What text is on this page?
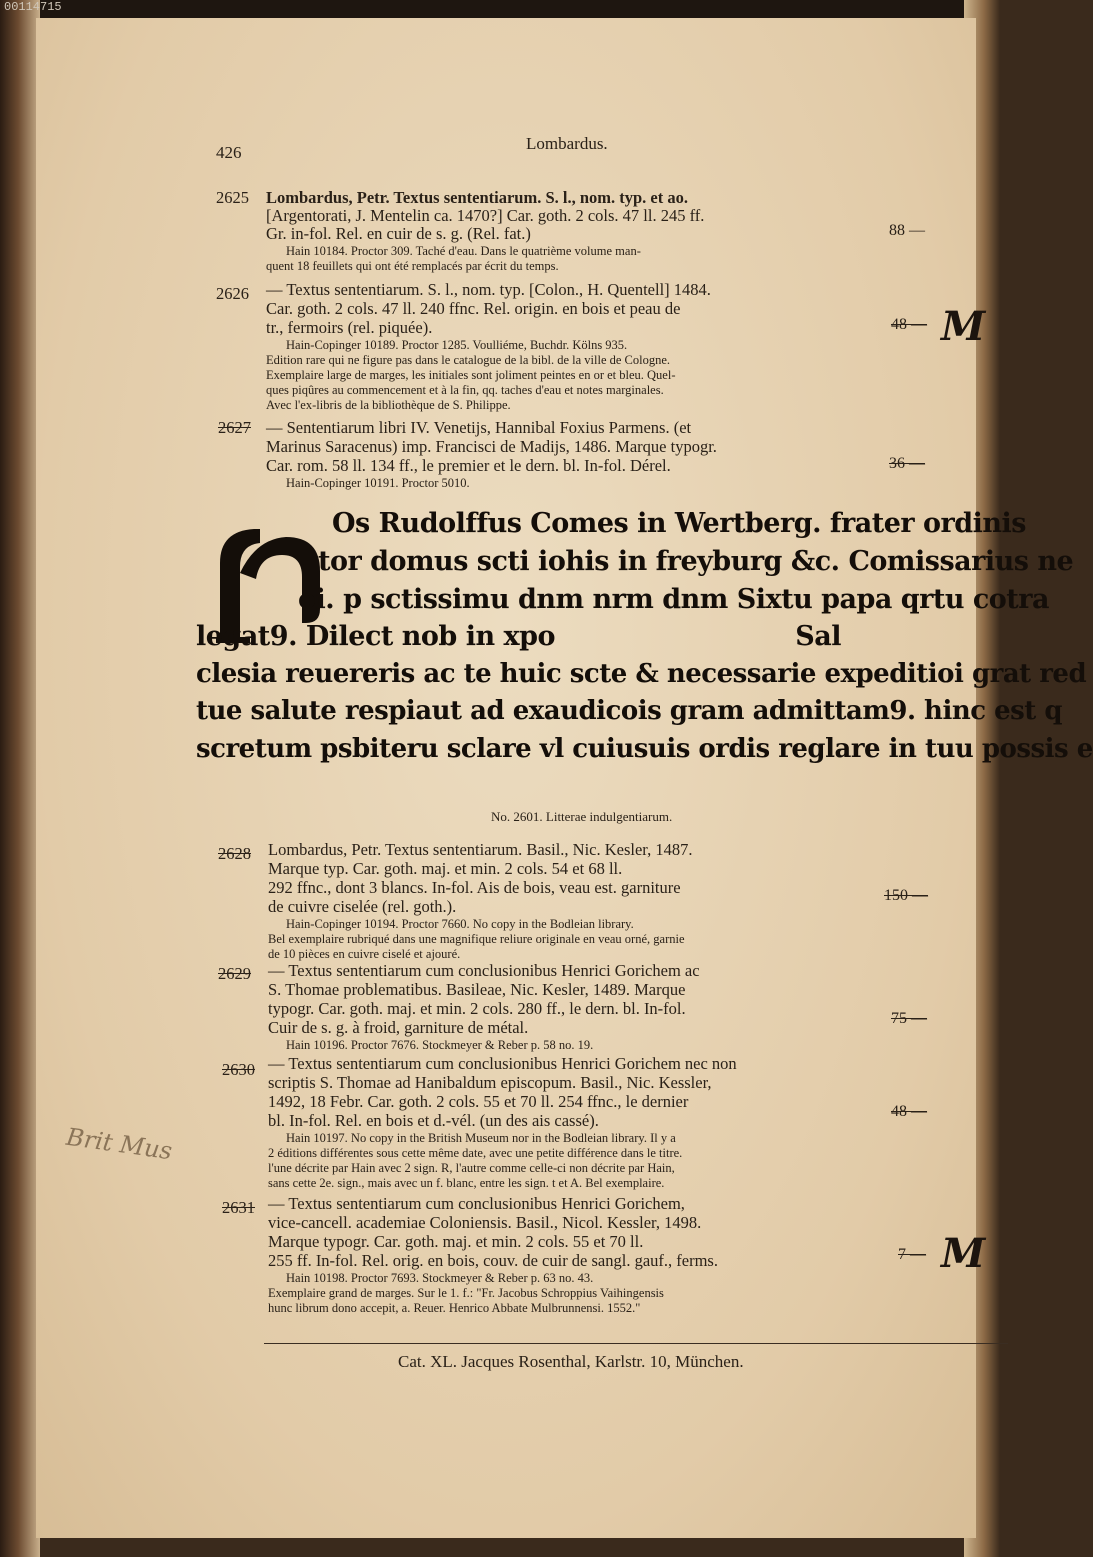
00114715
426	Lombardus.
2625 Lombardus, Petr. Textus sententiarum. S. l., nom. typ. et ao.
[Argentorati, J. Mentelin ca. 1470?] Car. goth. 2 cols. 47 ll. 245 ff.
Gr. in-fol. Rel. en cuir de s. g. (Rel. fat.)
Hain 10184. Proctor 309. Taché d'eau. Dans le quatrième volume man-
quent 18 feuillets qui ont été remplacés par écrit du temps.
88 —
2626 — Textus sententiarum. S. l., nom. typ. [Colon., H. Quentell] 1484.
Car. goth. 2 cols. 47 ll. 240 ffnc. Rel. origin. en bois et peau de
tr., fermoirs (rel. piquée).
Hain-Copinger 10189. Proctor 1285. Voulliéme, Buchdr. Kölns 935.
Edition rare qui ne figure pas dans le catalogue de la bibl. de la ville de Cologne.
Exemplaire large de marges, les initiales sont joliment peintes en or et bleu. Quel-
ques piqûres au commencement et à la fin, qq. taches d'eau et notes marginales.
Avec l'ex-libris de la bibliothèque de S. Philippe.
48 — M
2627 — Sententiarum libri IV. Venetijs, Hannibal Foxius Parmens. (et
Marinus Saracenus) imp. Francisci de Madijs, 1486. Marque typogr.
Car. rom. 58 ll. 134 ff., le premier et le dern. bl. In-fol. Dérel.
Hain-Copinger 10191. Proctor 5010.
36 —
Os Rudolffus Comes in Wertberg. frater ordinis
tor domus scti iohis in freyburg &c. Comissarius ne
oi. p sctissimu dnm nrm dnm Sixtu papa qrtu cotra
legat9. Dilect nob in xpo                           Sal
clesia reuereris ac te huic scte & necessarie expeditioi grat red
tue salute respiaut ad exaudicois gram admittam9. hinc est q
scretum psbiteru sclare vl cuiusuis ordis reglare in tuu possis e
No. 2601. Litterae indulgentiarum.
2628 Lombardus, Petr. Textus sententiarum. Basil., Nic. Kesler, 1487.
Marque typ. Car. goth. maj. et min. 2 cols. 54 et 68 ll.
292 ffnc., dont 3 blancs. In-fol. Ais de bois, veau est. garniture
de cuivre ciselée (rel. goth.).
Hain-Copinger 10194. Proctor 7660. No copy in the Bodleian library.
Bel exemplaire rubriqué dans une magnifique reliure originale en veau orné, garnie
de 10 pièces en cuivre ciselé et ajouré.
150 —
2629 — Textus sententiarum cum conclusionibus Henrici Gorichem ac
S. Thomae problematibus. Basileae, Nic. Kesler, 1489. Marque
typogr. Car. goth. maj. et min. 2 cols. 280 ff., le dern. bl. In-fol.
Cuir de s. g. à froid, garniture de métal.
Hain 10196. Proctor 7676. Stockmeyer & Reber p. 58 no. 19.
75 —
2630 — Textus sententiarum cum conclusionibus Henrici Gorichem nec non
scriptis S. Thomae ad Hanibaldum episcopum. Basil., Nic. Kessler,
1492, 18 Febr. Car. goth. 2 cols. 55 et 70 ll. 254 ffnc., le dernier
bl. In-fol. Rel. en bois et d.-vél. (un des ais cassé).
Hain 10197. No copy in the British Museum nor in the Bodleian library. Il y a
2 éditions différentes sous cette même date, avec une petite différence dans le titre.
l'une décrite par Hain avec 2 sign. R, l'autre comme celle-ci non décrite par Hain,
sans cette 2e. sign., mais avec un f. blanc, entre les sign. t et A. Bel exemplaire.
48 —
Brit Mus
2631 — Textus sententiarum cum conclusionibus Henrici Gorichem,
vice-cancell. academiae Coloniensis. Basil., Nicol. Kessler, 1498.
Marque typogr. Car. goth. maj. et min. 2 cols. 55 et 70 ll.
255 ff. In-fol. Rel. orig. en bois, couv. de cuir de sangl. gauf., ferms.
Hain 10198. Proctor 7693. Stockmeyer & Reber p. 63 no. 43.
Exemplaire grand de marges. Sur le 1. f.: "Fr. Jacobus Schroppius Vaihingensis
hunc librum dono accepit, a. Reuer. Henrico Abbate Mulbrunnensi. 1552."
7 — M
Cat. XL. Jacques Rosenthal, Karlstr. 10, München.
